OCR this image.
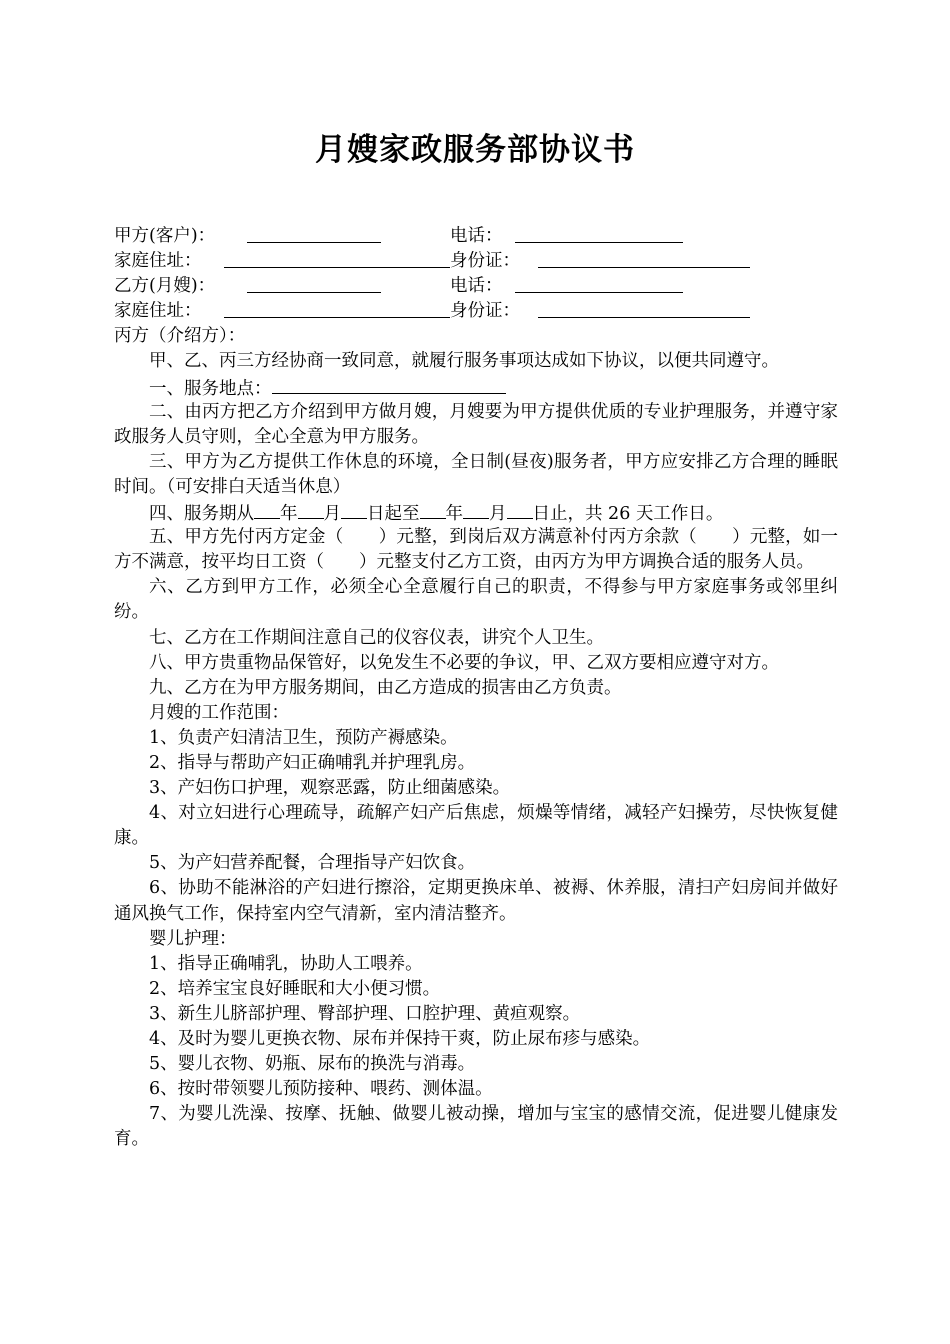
月嫂家政服务部协议书
甲方(客户)：	电话：
家庭住址：	身份证：
乙方(月嫂)：	电话：
家庭住址：	身份证：
丙方（介绍方）：
甲、乙、丙三方经协商一致同意，就履行服务事项达成如下协议，以便共同遵守。
一、服务地点：
二、由丙方把乙方介绍到甲方做月嫂，月嫂要为甲方提供优质的专业护理服务，并遵守家政服务人员守则，全心全意为甲方服务。
三、甲方为乙方提供工作休息的环境，全日制(昼夜)服务者，甲方应安排乙方合理的睡眠时间。（可安排白天适当休息）
四、服务期从 年 月 日起至 年 月 日止，共 26 天工作日。
五、甲方先付丙方定金（　　）元整，到岗后双方满意补付丙方余款（　　）元整，如一方不满意，按平均日工资（　　）元整支付乙方工资，由丙方为甲方调换合适的服务人员。
六、乙方到甲方工作，必须全心全意履行自己的职责，不得参与甲方家庭事务或邻里纠纷。
七、乙方在工作期间注意自己的仪容仪表，讲究个人卫生。
八、甲方贵重物品保管好，以免发生不必要的争议，甲、乙双方要相应遵守对方。
九、乙方在为甲方服务期间，由乙方造成的损害由乙方负责。
月嫂的工作范围：
1、负责产妇清洁卫生，预防产褥感染。
2、指导与帮助产妇正确哺乳并护理乳房。
3、产妇伤口护理，观察恶露，防止细菌感染。
4、对立妇进行心理疏导，疏解产妇产后焦虑，烦燥等情绪，减轻产妇操劳，尽快恢复健康。
5、为产妇营养配餐，合理指导产妇饮食。
6、协助不能淋浴的产妇进行擦浴，定期更换床单、被褥、休养服，清扫产妇房间并做好通风换气工作，保持室内空气清新，室内清洁整齐。
婴儿护理：
1、指导正确哺乳，协助人工喂养。
2、培养宝宝良好睡眠和大小便习惯。
3、新生儿脐部护理、臀部护理、口腔护理、黄疸观察。
4、及时为婴儿更换衣物、尿布并保持干爽，防止尿布疹与感染。
5、婴儿衣物、奶瓶、尿布的换洗与消毒。
6、按时带领婴儿预防接种、喂药、测体温。
7、为婴儿洗澡、按摩、抚触、做婴儿被动操，增加与宝宝的感情交流，促进婴儿健康发育。
